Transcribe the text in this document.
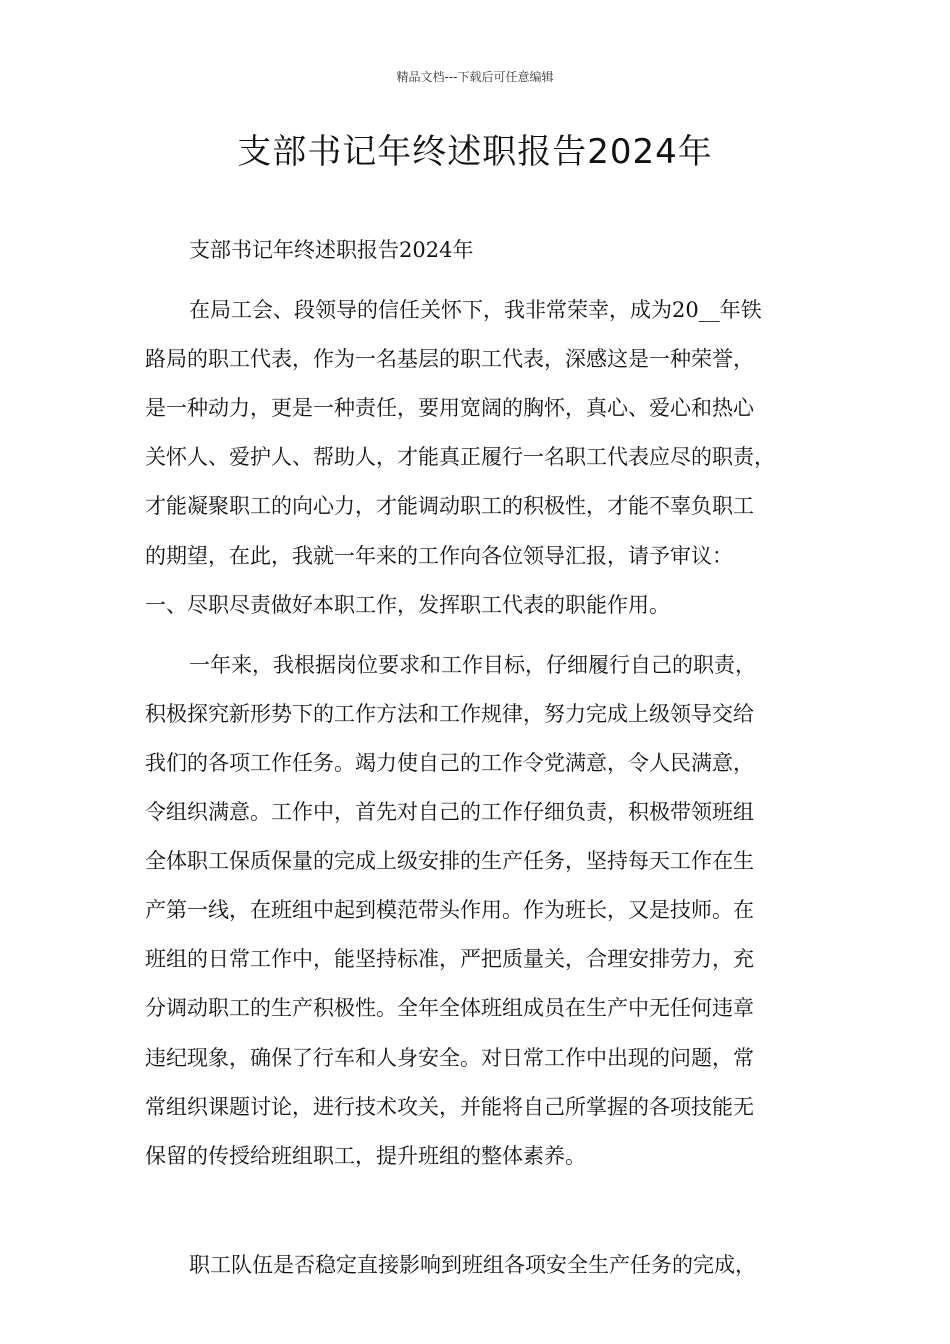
精品文档---下载后可任意编辑
支部书记年终述职报告2024年
支部书记年终述职报告2024年
在局工会、段领导的信任关怀下，我非常荣幸，成为20__年铁
路局的职工代表，作为一名基层的职工代表，深感这是一种荣誉，
是一种动力，更是一种责任，要用宽阔的胸怀，真心、爱心和热心
关怀人、爱护人、帮助人，才能真正履行一名职工代表应尽的职责，
才能凝聚职工的向心力，才能调动职工的积极性，才能不辜负职工
的期望，在此，我就一年来的工作向各位领导汇报，请予审议：
一、尽职尽责做好本职工作，发挥职工代表的职能作用。
一年来，我根据岗位要求和工作目标，仔细履行自己的职责，
积极探究新形势下的工作方法和工作规律，努力完成上级领导交给
我们的各项工作任务。竭力使自己的工作令党满意，令人民满意，
令组织满意。工作中，首先对自己的工作仔细负责，积极带领班组
全体职工保质保量的完成上级安排的生产任务，坚持每天工作在生
产第一线，在班组中起到模范带头作用。作为班长，又是技师。在
班组的日常工作中，能坚持标准，严把质量关，合理安排劳力，充
分调动职工的生产积极性。全年全体班组成员在生产中无任何违章
违纪现象，确保了行车和人身安全。对日常工作中出现的问题，常
常组织课题讨论，进行技术攻关，并能将自己所掌握的各项技能无
保留的传授给班组职工，提升班组的整体素养。
职工队伍是否稳定直接影响到班组各项安全生产任务的完成，
